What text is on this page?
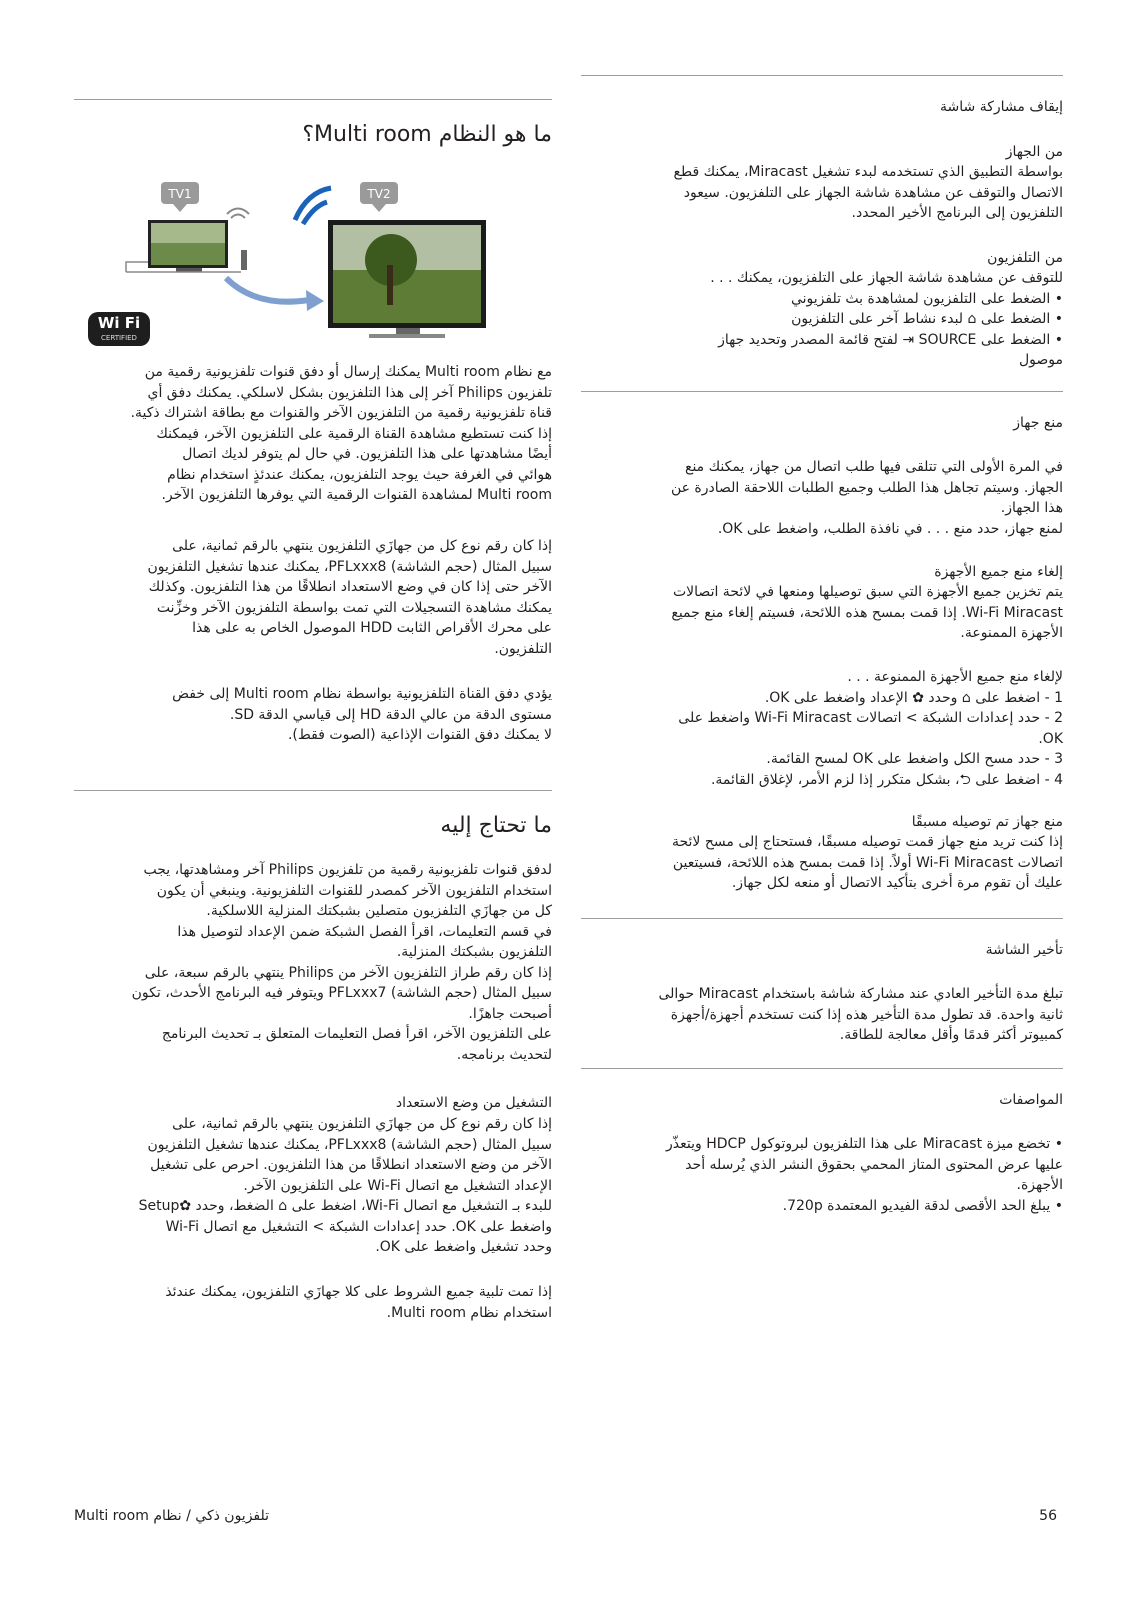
ما هو النظام Multi room؟
TV1	TV2
Wi Fi
CERTIFIED
مع نظام Multi room يمكنك إرسال أو دفق قنوات تلفزيونية رقمية من
تلفزيون Philips آخر إلى هذا التلفزيون بشكل لاسلكي. يمكنك دفق أي
قناة تلفزيونية رقمية من التلفزيون الآخر والقنوات مع بطاقة اشتراك ذكية.
إذا كنت تستطيع مشاهدة القناة الرقمية على التلفزيون الآخر، فيمكنك
أيضًا مشاهدتها على هذا التلفزيون. في حال لم يتوفر لديك اتصال
هوائي في الغرفة حيث يوجد التلفزيون، يمكنك عندئذٍ استخدام نظام
Multi room لمشاهدة القنوات الرقمية التي يوفرها التلفزيون الآخر.
إذا كان رقم نوع كل من جهازَي التلفزيون ينتهي بالرقم ثمانية، على
سبيل المثال (حجم الشاشة) PFLxxx8، يمكنك عندها تشغيل التلفزيون
الآخر حتى إذا كان في وضع الاستعداد انطلاقًا من هذا التلفزيون. وكذلك
يمكنك مشاهدة التسجيلات التي تمت بواسطة التلفزيون الآخر وخزِّنت
على محرك الأقراص الثابت HDD الموصول الخاص به على هذا
التلفزيون.
يؤدي دفق القناة التلفزيونية بواسطة نظام Multi room إلى خفض
مستوى الدقة من عالي الدقة HD إلى قياسي الدقة SD.
لا يمكنك دفق القنوات الإذاعية (الصوت فقط).
ما تحتاج إليه
لدفق قنوات تلفزيونية رقمية من تلفزيون Philips آخر ومشاهدتها، يجب
استخدام التلفزيون الآخر كمصدر للقنوات التلفزيونية. وينبغي أن يكون
كل من جهازَي التلفزيون متصلين بشبكتك المنزلية اللاسلكية.
في قسم التعليمات، اقرأ الفصل الشبكة ضمن الإعداد لتوصيل هذا
التلفزيون بشبكتك المنزلية.
إذا كان رقم طراز التلفزيون الآخر من Philips ينتهي بالرقم سبعة، على
سبيل المثال (حجم الشاشة) PFLxxx7 ويتوفر فيه البرنامج الأحدث، تكون
أصبحت جاهزًا.
على التلفزيون الآخر، اقرأ فصل التعليمات المتعلق بـ تحديث البرنامج
لتحديث برنامجه.
التشغيل من وضع الاستعداد
إذا كان رقم نوع كل من جهازَي التلفزيون ينتهي بالرقم ثمانية، على
سبيل المثال (حجم الشاشة) PFLxxx8، يمكنك عندها تشغيل التلفزيون
الآخر من وضع الاستعداد انطلاقًا من هذا التلفزيون. احرص على تشغيل
الإعداد التشغيل مع اتصال Wi-Fi على التلفزيون الآخر.
للبدء بـ التشغيل مع اتصال Wi-Fi، اضغط على ⌂ الضغط، وحدد ✿Setup
واضغط على OK. حدد إعدادات الشبكة > التشغيل مع اتصال Wi-Fi
وحدد تشغيل واضغط على OK.
إذا تمت تلبية جميع الشروط على كلا جهازَي التلفزيون، يمكنك عندئذ
استخدام نظام Multi room.
إيقاف مشاركة شاشة
من الجهاز
بواسطة التطبيق الذي تستخدمه لبدء تشغيل Miracast، يمكنك قطع
الاتصال والتوقف عن مشاهدة شاشة الجهاز على التلفزيون. سيعود
التلفزيون إلى البرنامج الأخير المحدد.
من التلفزيون
للتوقف عن مشاهدة شاشة الجهاز على التلفزيون، يمكنك . . .
• الضغط على التلفزيون لمشاهدة بث تلفزيوني
• الضغط على ⌂ لبدء نشاط آخر على التلفزيون
• الضغط على SOURCE ⇥ لفتح قائمة المصدر وتحديد جهاز
موصول
منع جهاز
في المرة الأولى التي تتلقى فيها طلب اتصال من جهاز، يمكنك منع
الجهاز. وسيتم تجاهل هذا الطلب وجميع الطلبات اللاحقة الصادرة عن
هذا الجهاز.
لمنع جهاز، حدد منع . . . في نافذة الطلب، واضغط على OK.
إلغاء منع جميع الأجهزة
يتم تخزين جميع الأجهزة التي سبق توصيلها ومنعها في لائحة اتصالات
Wi-Fi Miracast. إذا قمت بمسح هذه اللائحة، فسيتم إلغاء منع جميع
الأجهزة الممنوعة.
لإلغاء منع جميع الأجهزة الممنوعة . . .
1 - اضغط على ⌂ وحدد ✿ الإعداد واضغط على OK.
2 - حدد إعدادات الشبكة > اتصالات Wi-Fi Miracast واضغط على
OK.
3 - حدد مسح الكل واضغط على OK لمسح القائمة.
4 - اضغط على ⮌، بشكل متكرر إذا لزم الأمر، لإغلاق القائمة.
منع جهاز تم توصيله مسبقًا
إذا كنت تريد منع جهاز قمت توصيله مسبقًا، فستحتاج إلى مسح لائحة
اتصالات Wi-Fi Miracast أولاً. إذا قمت بمسح هذه اللائحة، فسيتعين
عليك أن تقوم مرة أخرى بتأكيد الاتصال أو منعه لكل جهاز.
تأخير الشاشة
تبلغ مدة التأخير العادي عند مشاركة شاشة باستخدام Miracast حوالى
ثانية واحدة. قد تطول مدة التأخير هذه إذا كنت تستخدم أجهزة/أجهزة
كمبيوتر أكثر قدمًا وأقل معالجة للطاقة.
المواصفات
• تخضع ميزة Miracast على هذا التلفزيون لبروتوكول HDCP ويتعذّر
عليها عرض المحتوى المتاز المحمي بحقوق النشر الذي يُرسله أحد
الأجهزة.
• يبلغ الحد الأقصى لدقة الفيديو المعتمدة 720p.
تلفزيون ذكي / نظام Multi room	56
